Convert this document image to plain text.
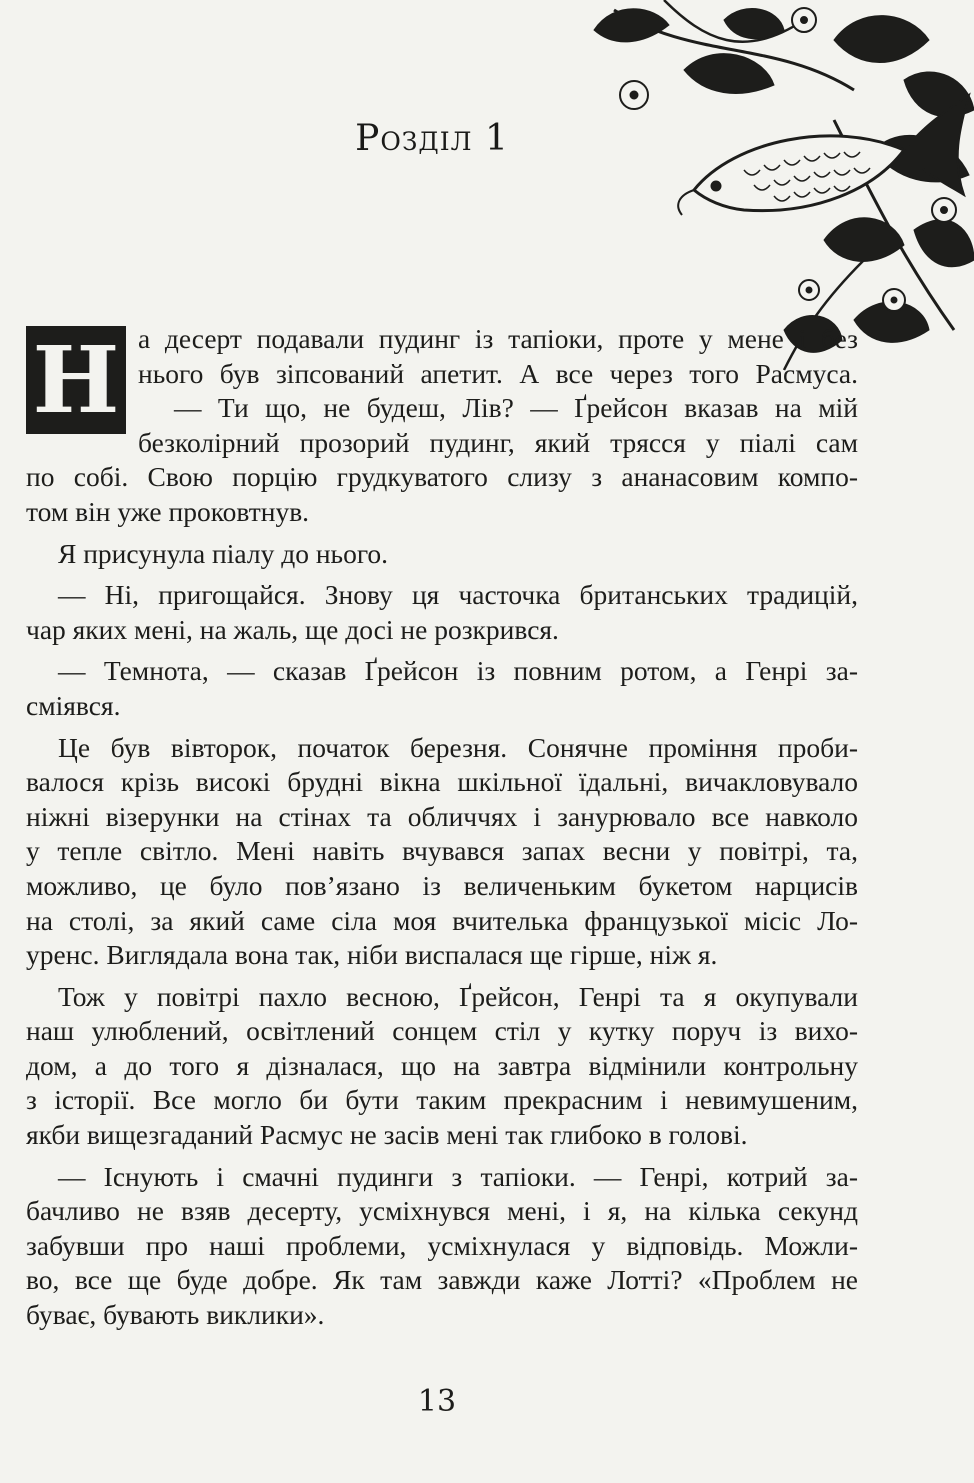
Розділ 1
Н а десерт подавали пудинг із тапіоки, проте у мене і без
нього був зіпсований апетит. А все через того Расмуса.
— Ти що, не будеш, Лів? — Ґрейсон вказав на мій
безколірний прозорий пудинг, який трясся у піалі сам
по собі. Свою порцію грудкуватого слизу з ананасовим компо-
том він уже проковтнув.
Я присунула піалу до нього.
— Ні, пригощайся. Знову ця часточка британських традицій,
чар яких мені, на жаль, ще досі не розкрився.
— Темнота, — сказав Ґрейсон із повним ротом, а Генрі за-
сміявся.
Це був вівторок, початок березня. Сонячне проміння проби-
валося крізь високі брудні вікна шкільної їдальні, вичакловувало
ніжні візерунки на стінах та обличчях і занурювало все навколо
у тепле світло. Мені навіть вчувався запах весни у повітрі, та,
можливо, це було пов’язано із величеньким букетом нарцисів
на столі, за який саме сіла моя вчителька французької місіс Ло-
уренс. Виглядала вона так, ніби виспалася ще гірше, ніж я.
Тож у повітрі пахло весною, Ґрейсон, Генрі та я окупували
наш улюблений, освітлений сонцем стіл у кутку поруч із вихо-
дом, а до того я дізналася, що на завтра відмінили контрольну
з історії. Все могло би бути таким прекрасним і невимушеним,
якби вищезгаданий Расмус не засів мені так глибоко в голові.
— Існують і смачні пудинги з тапіоки. — Генрі, котрий за-
бачливо не взяв десерту, усміхнувся мені, і я, на кілька секунд
забувши про наші проблеми, усміхнулася у відповідь. Можли-
во, все ще буде добре. Як там завжди каже Лотті? «Проблем не
буває, бувають виклики».
13
